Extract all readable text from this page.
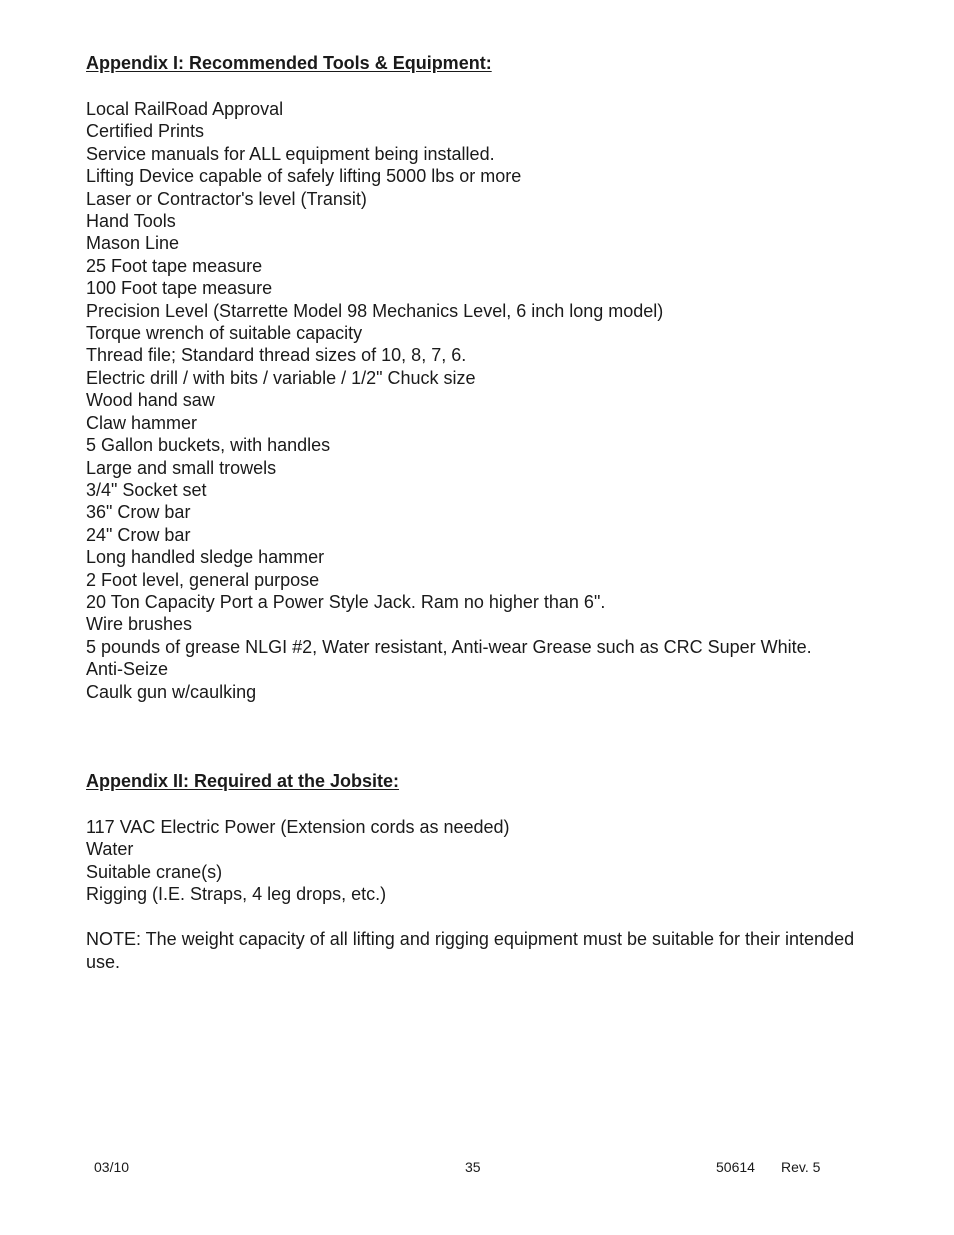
Appendix I: Recommended Tools & Equipment:
Local RailRoad Approval
Certified Prints
Service manuals for ALL equipment being installed.
Lifting Device capable of safely lifting 5000 lbs or more
Laser or Contractor's level (Transit)
Hand Tools
Mason Line
25 Foot tape measure
100 Foot tape measure
Precision Level (Starrette Model 98 Mechanics Level, 6 inch long model)
Torque wrench of suitable capacity
Thread file; Standard thread sizes of 10, 8, 7, 6.
Electric drill / with bits / variable / 1/2" Chuck size
Wood hand saw
Claw hammer
5 Gallon buckets, with handles
Large and small trowels
3/4" Socket set
36" Crow bar
24" Crow bar
Long handled sledge hammer
2 Foot level, general purpose
20 Ton Capacity Port a Power Style Jack. Ram no higher than 6".
Wire brushes
5 pounds of grease NLGI #2, Water resistant, Anti-wear Grease such as CRC Super White.
Anti-Seize
Caulk gun w/caulking
Appendix II: Required at the Jobsite:
117 VAC Electric Power (Extension cords as needed)
Water
Suitable crane(s)
Rigging (I.E. Straps, 4 leg drops, etc.)

NOTE: The weight capacity of all lifting and rigging equipment must be suitable for their intended use.

03/10	35	50614 Rev. 5
